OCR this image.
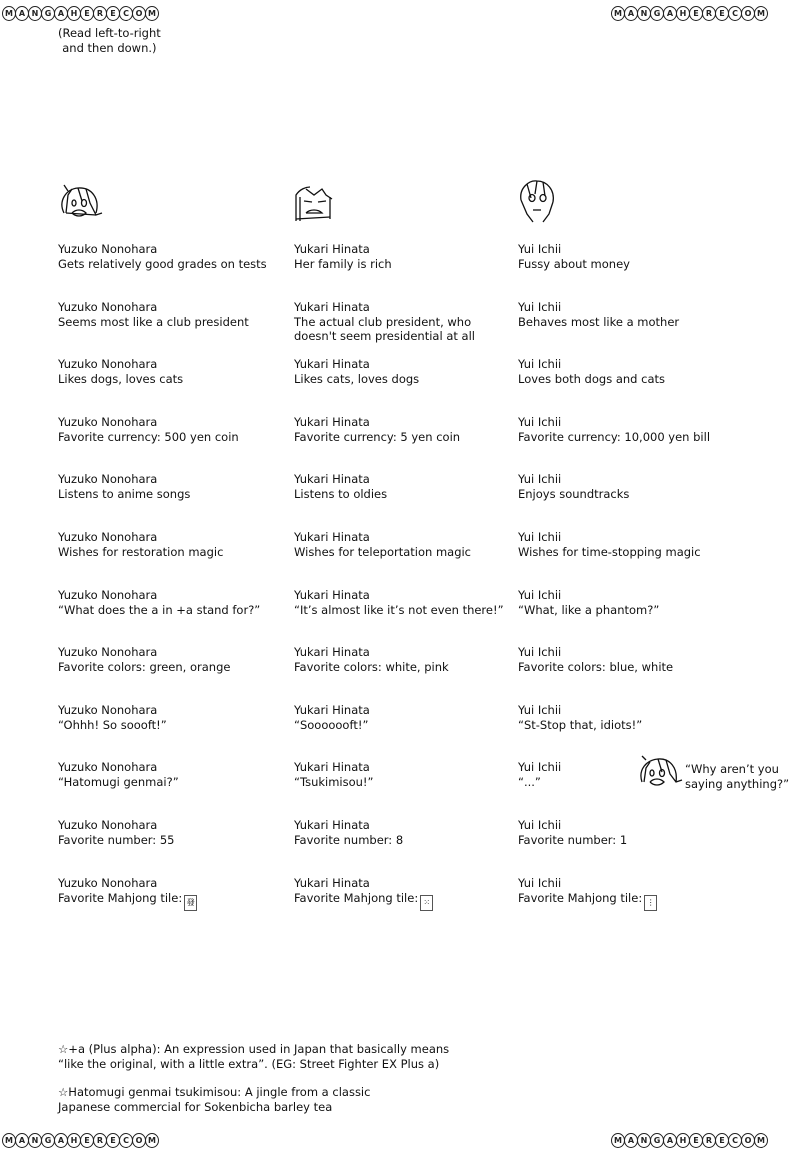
M A N G A H E R E C O M	M A N G A H E R E C O M
M A N G A H E R E C O M	M A N G A H E R E C O M
(Read left-to-right
and then down.)
Yuzuko Nonohara
Gets relatively good grades on tests
Yuzuko Nonohara
Seems most like a club president
Yuzuko Nonohara
Likes dogs, loves cats
Yuzuko Nonohara
Favorite currency: 500 yen coin
Yuzuko Nonohara
Listens to anime songs
Yuzuko Nonohara
Wishes for restoration magic
Yuzuko Nonohara
“What does the a in +a stand for?”
Yuzuko Nonohara
Favorite colors: green, orange
Yuzuko Nonohara
“Ohhh! So soooft!”
Yuzuko Nonohara
“Hatomugi genmai?”
Yuzuko Nonohara
Favorite number: 55
Yuzuko Nonohara
Favorite Mahjong tile: 發
Yukari Hinata
Her family is rich
Yukari Hinata
The actual club president, who
doesn't seem presidential at all
Yukari Hinata
Likes cats, loves dogs
Yukari Hinata
Favorite currency: 5 yen coin
Yukari Hinata
Listens to oldies
Yukari Hinata
Wishes for teleportation magic
Yukari Hinata
“It’s almost like it’s not even there!”
Yukari Hinata
Favorite colors: white, pink
Yukari Hinata
“Sooooooft!”
Yukari Hinata
“Tsukimisou!”
Yukari Hinata
Favorite number: 8
Yukari Hinata
Favorite Mahjong tile: ⁙
Yui Ichii
Fussy about money
Yui Ichii
Behaves most like a mother
Yui Ichii
Loves both dogs and cats
Yui Ichii
Favorite currency: 10,000 yen bill
Yui Ichii
Enjoys soundtracks
Yui Ichii
Wishes for time-stopping magic
Yui Ichii
“What, like a phantom?”
Yui Ichii
Favorite colors: blue, white
Yui Ichii
“St-Stop that, idiots!”
Yui Ichii
“...”
Yui Ichii
Favorite number: 1
Yui Ichii
Favorite Mahjong tile: ⋮
“Why aren’t you
saying anything?”
☆+a (Plus alpha): An expression used in Japan that basically means
“like the original, with a little extra”. (EG: Street Fighter EX Plus a)
☆Hatomugi genmai tsukimisou: A jingle from a classic
Japanese commercial for Sokenbicha barley tea
